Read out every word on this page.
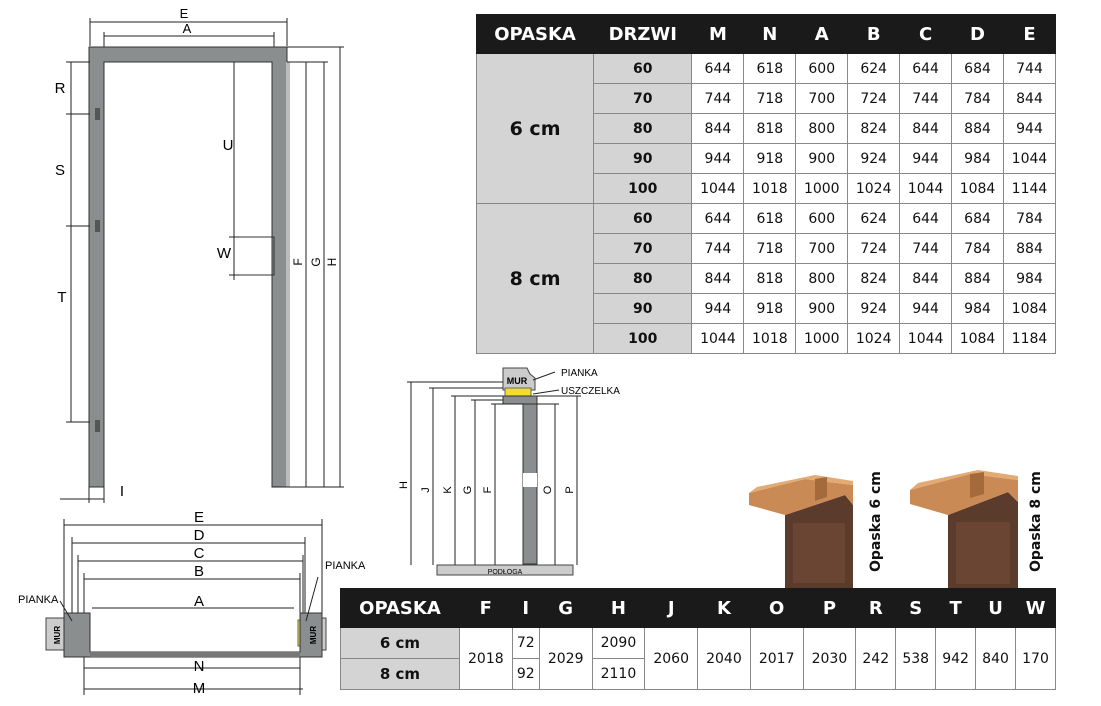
E
A
R
S
T
U
W
I
F G H
E
D
C
B
A
N
M
PIANKA
PIANKA
MUR	MUR
MUR
PIANKA
USZCZELKA
PODŁOGA
H
J K G F	O P	Opaska 6 cm	Opaska 8 cm
OPASKA	DRZWI	M	N	A	B	C	D	E
6 cm	60	644	618	600	624	644	684	744
	70	744	718	700	724	744	784	844
	80	844	818	800	824	844	884	944
	90	944	918	900	924	944	984	1044
	100	1044	1018	1000	1024	1044	1084	1144
8 cm	60	644	618	600	624	644	684	784
	70	744	718	700	724	744	784	884
	80	844	818	800	824	844	884	984
	90	944	918	900	924	944	984	1084
	100	1044	1018	1000	1024	1044	1084	1184
OPASKA	F	I	G	H	J	K	O	P	R	S	T	U	W
6 cm	2018	72	2029	2090	2060	2040	2017	2030	242	538	942	840	170
8 cm		92		2110									
